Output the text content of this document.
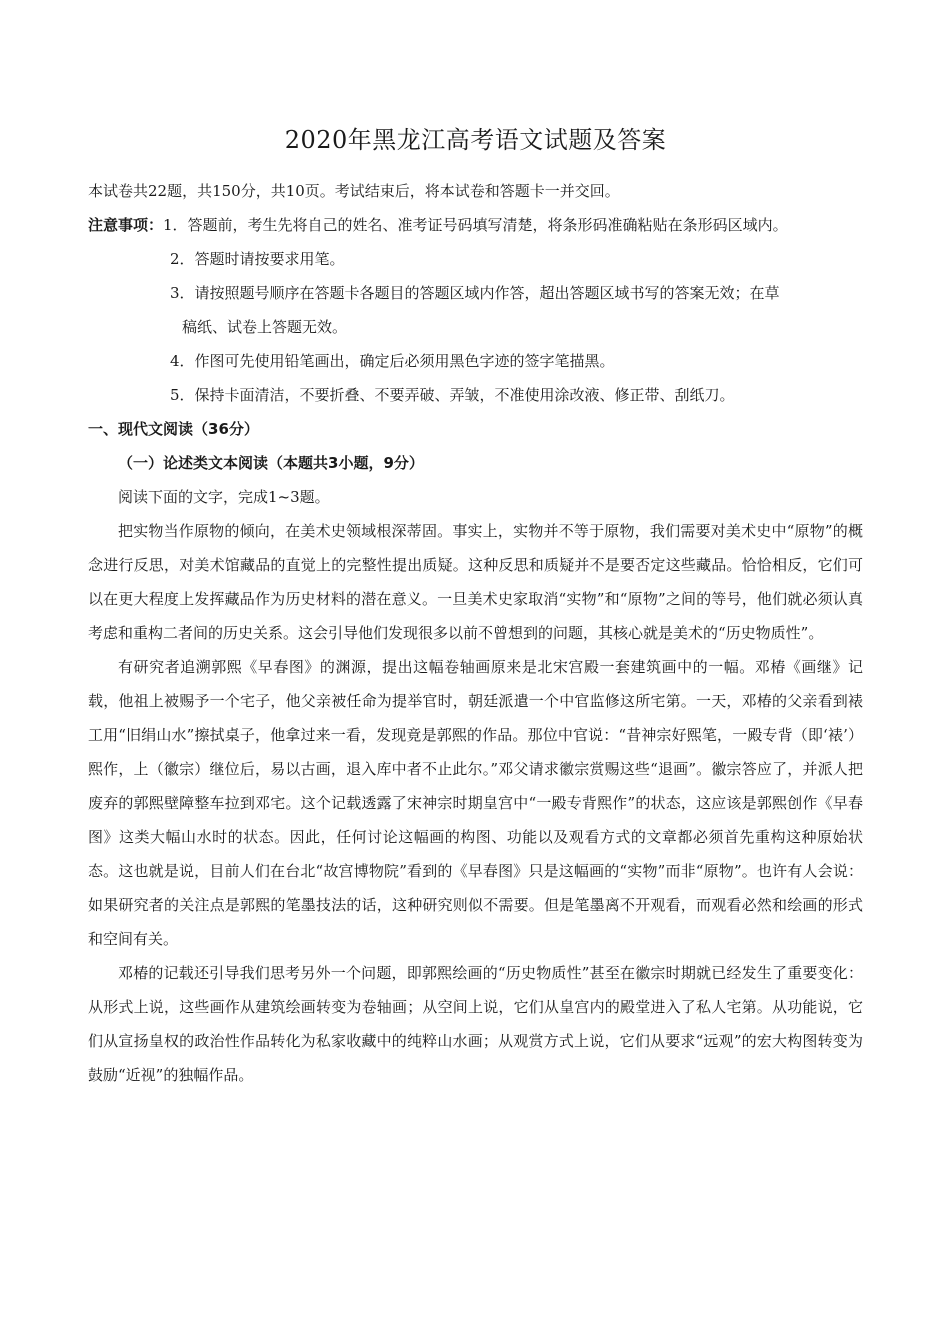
2020年黑龙江高考语文试题及答案
本试卷共22题，共150分，共10页。考试结束后，将本试卷和答题卡一并交回。
注意事项：1．答题前，考生先将自己的姓名、准考证号码填写清楚，将条形码准确粘贴在条形码区域内。
2．答题时请按要求用笔。
3．请按照题号顺序在答题卡各题目的答题区域内作答，超出答题区域书写的答案无效；在草
稿纸、试卷上答题无效。
4．作图可先使用铅笔画出，确定后必须用黑色字迹的签字笔描黑。
5．保持卡面清洁，不要折叠、不要弄破、弄皱，不准使用涂改液、修正带、刮纸刀。
一、现代文阅读（36分）
（一）论述类文本阅读（本题共3小题，9分）
阅读下面的文字，完成1~3题。

把实物当作原物的倾向，在美术史领域根深蒂固。事实上，实物并不等于原物，我们需要对美术史中“原物”的概念进行反思，对美术馆藏品的直觉上的完整性提出质疑。这种反思和质疑并不是要否定这些藏品。恰恰相反，它们可以在更大程度上发挥藏品作为历史材料的潜在意义。一旦美术史家取消“实物”和“原物”之间的等号，他们就必须认真考虑和重构二者间的历史关系。这会引导他们发现很多以前不曾想到的问题，其核心就是美术的“历史物质性”。

有研究者追溯郭熙《早春图》的渊源，提出这幅卷轴画原来是北宋宫殿一套建筑画中的一幅。邓椿《画继》记载，他祖上被赐予一个宅子，他父亲被任命为提举官时，朝廷派遣一个中官监修这所宅第。一天，邓椿的父亲看到裱工用“旧绢山水”擦拭桌子，他拿过来一看，发现竟是郭熙的作品。那位中官说：“昔神宗好熙笔，一殿专背（即‘裱’）熙作，上（徽宗）继位后，易以古画，退入库中者不止此尔。”邓父请求徽宗赏赐这些“退画”。徽宗答应了，并派人把废弃的郭熙壁障整车拉到邓宅。这个记载透露了宋神宗时期皇宫中“一殿专背熙作”的状态，这应该是郭熙创作《早春图》这类大幅山水时的状态。因此，任何讨论这幅画的构图、功能以及观看方式的文章都必须首先重构这种原始状态。这也就是说，目前人们在台北“故宫博物院”看到的《早春图》只是这幅画的“实物”而非“原物”。也许有人会说：如果研究者的关注点是郭熙的笔墨技法的话，这种研究则似不需要。但是笔墨离不开观看，而观看必然和绘画的形式和空间有关。

邓椿的记载还引导我们思考另外一个问题，即郭熙绘画的“历史物质性”甚至在徽宗时期就已经发生了重要变化：从形式上说，这些画作从建筑绘画转变为卷轴画；从空间上说，它们从皇宫内的殿堂进入了私人宅第。从功能说，它们从宣扬皇权的政治性作品转化为私家收藏中的纯粹山水画；从观赏方式上说，它们从要求“远观”的宏大构图转变为鼓励“近视”的独幅作品。
